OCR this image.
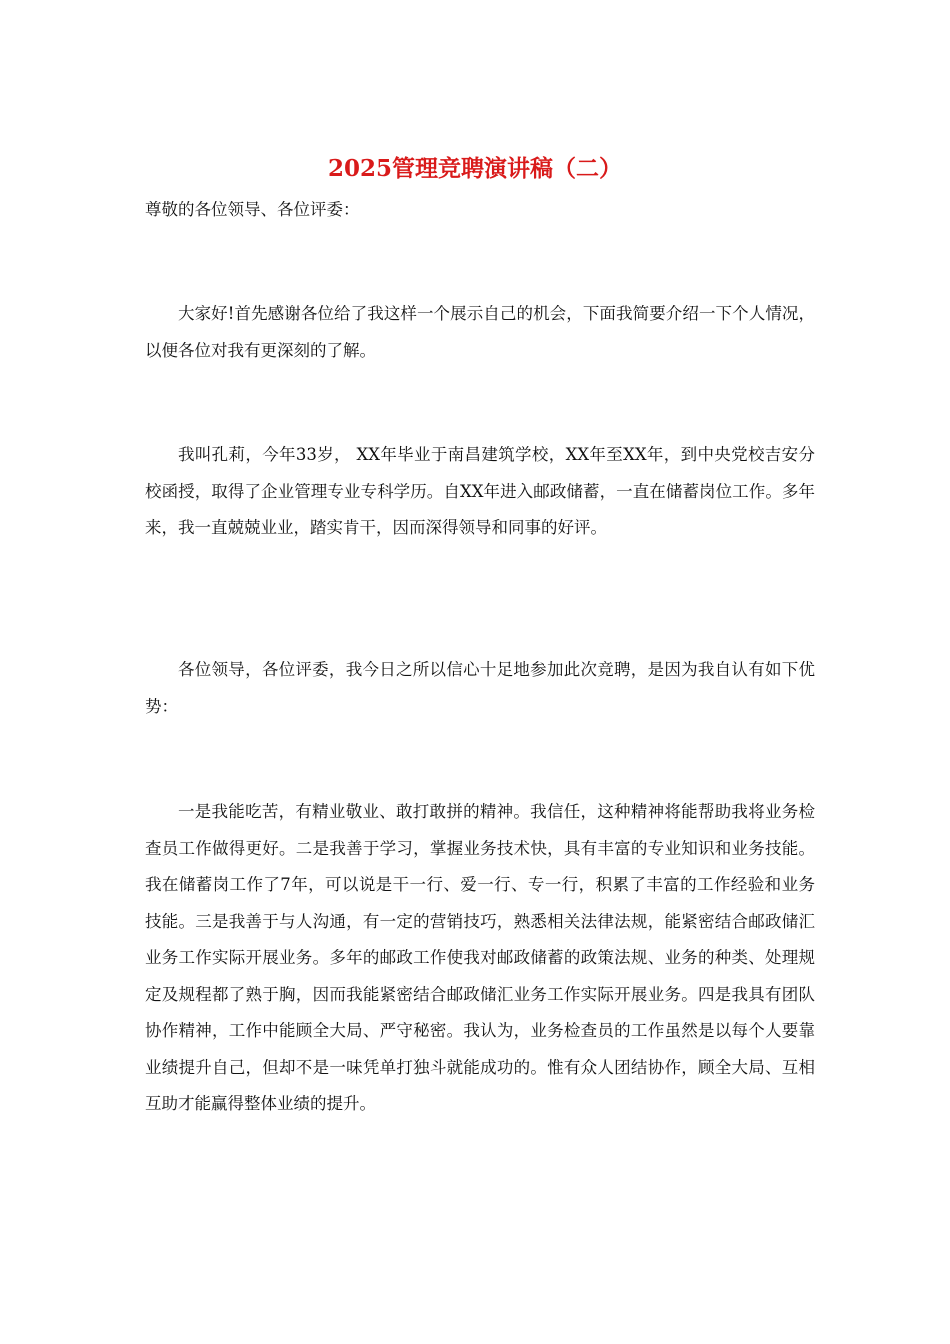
2025管理竞聘演讲稿（二）
尊敬的各位领导、各位评委：

大家好!首先感谢各位给了我这样一个展示自己的机会，下面我简要介绍一下个人情况，以便各位对我有更深刻的了解。

我叫孔莉，今年33岁， XX年毕业于南昌建筑学校，XX年至XX年，到中央党校吉安分校函授，取得了企业管理专业专科学历。自XX年进入邮政储蓄，一直在储蓄岗位工作。多年来，我一直兢兢业业，踏实肯干，因而深得领导和同事的好评。

各位领导，各位评委，我今日之所以信心十足地参加此次竞聘，是因为我自认有如下优势：

一是我能吃苦，有精业敬业、敢打敢拼的精神。我信任，这种精神将能帮助我将业务检查员工作做得更好。二是我善于学习，掌握业务技术快，具有丰富的专业知识和业务技能。我在储蓄岗工作了7年，可以说是干一行、爱一行、专一行，积累了丰富的工作经验和业务技能。三是我善于与人沟通，有一定的营销技巧，熟悉相关法律法规，能紧密结合邮政储汇业务工作实际开展业务。多年的邮政工作使我对邮政储蓄的政策法规、业务的种类、处理规定及规程都了熟于胸，因而我能紧密结合邮政储汇业务工作实际开展业务。四是我具有团队协作精神，工作中能顾全大局、严守秘密。我认为，业务检查员的工作虽然是以每个人要靠业绩提升自己，但却不是一味凭单打独斗就能成功的。惟有众人团结协作，顾全大局、互相互助才能赢得整体业绩的提升。
